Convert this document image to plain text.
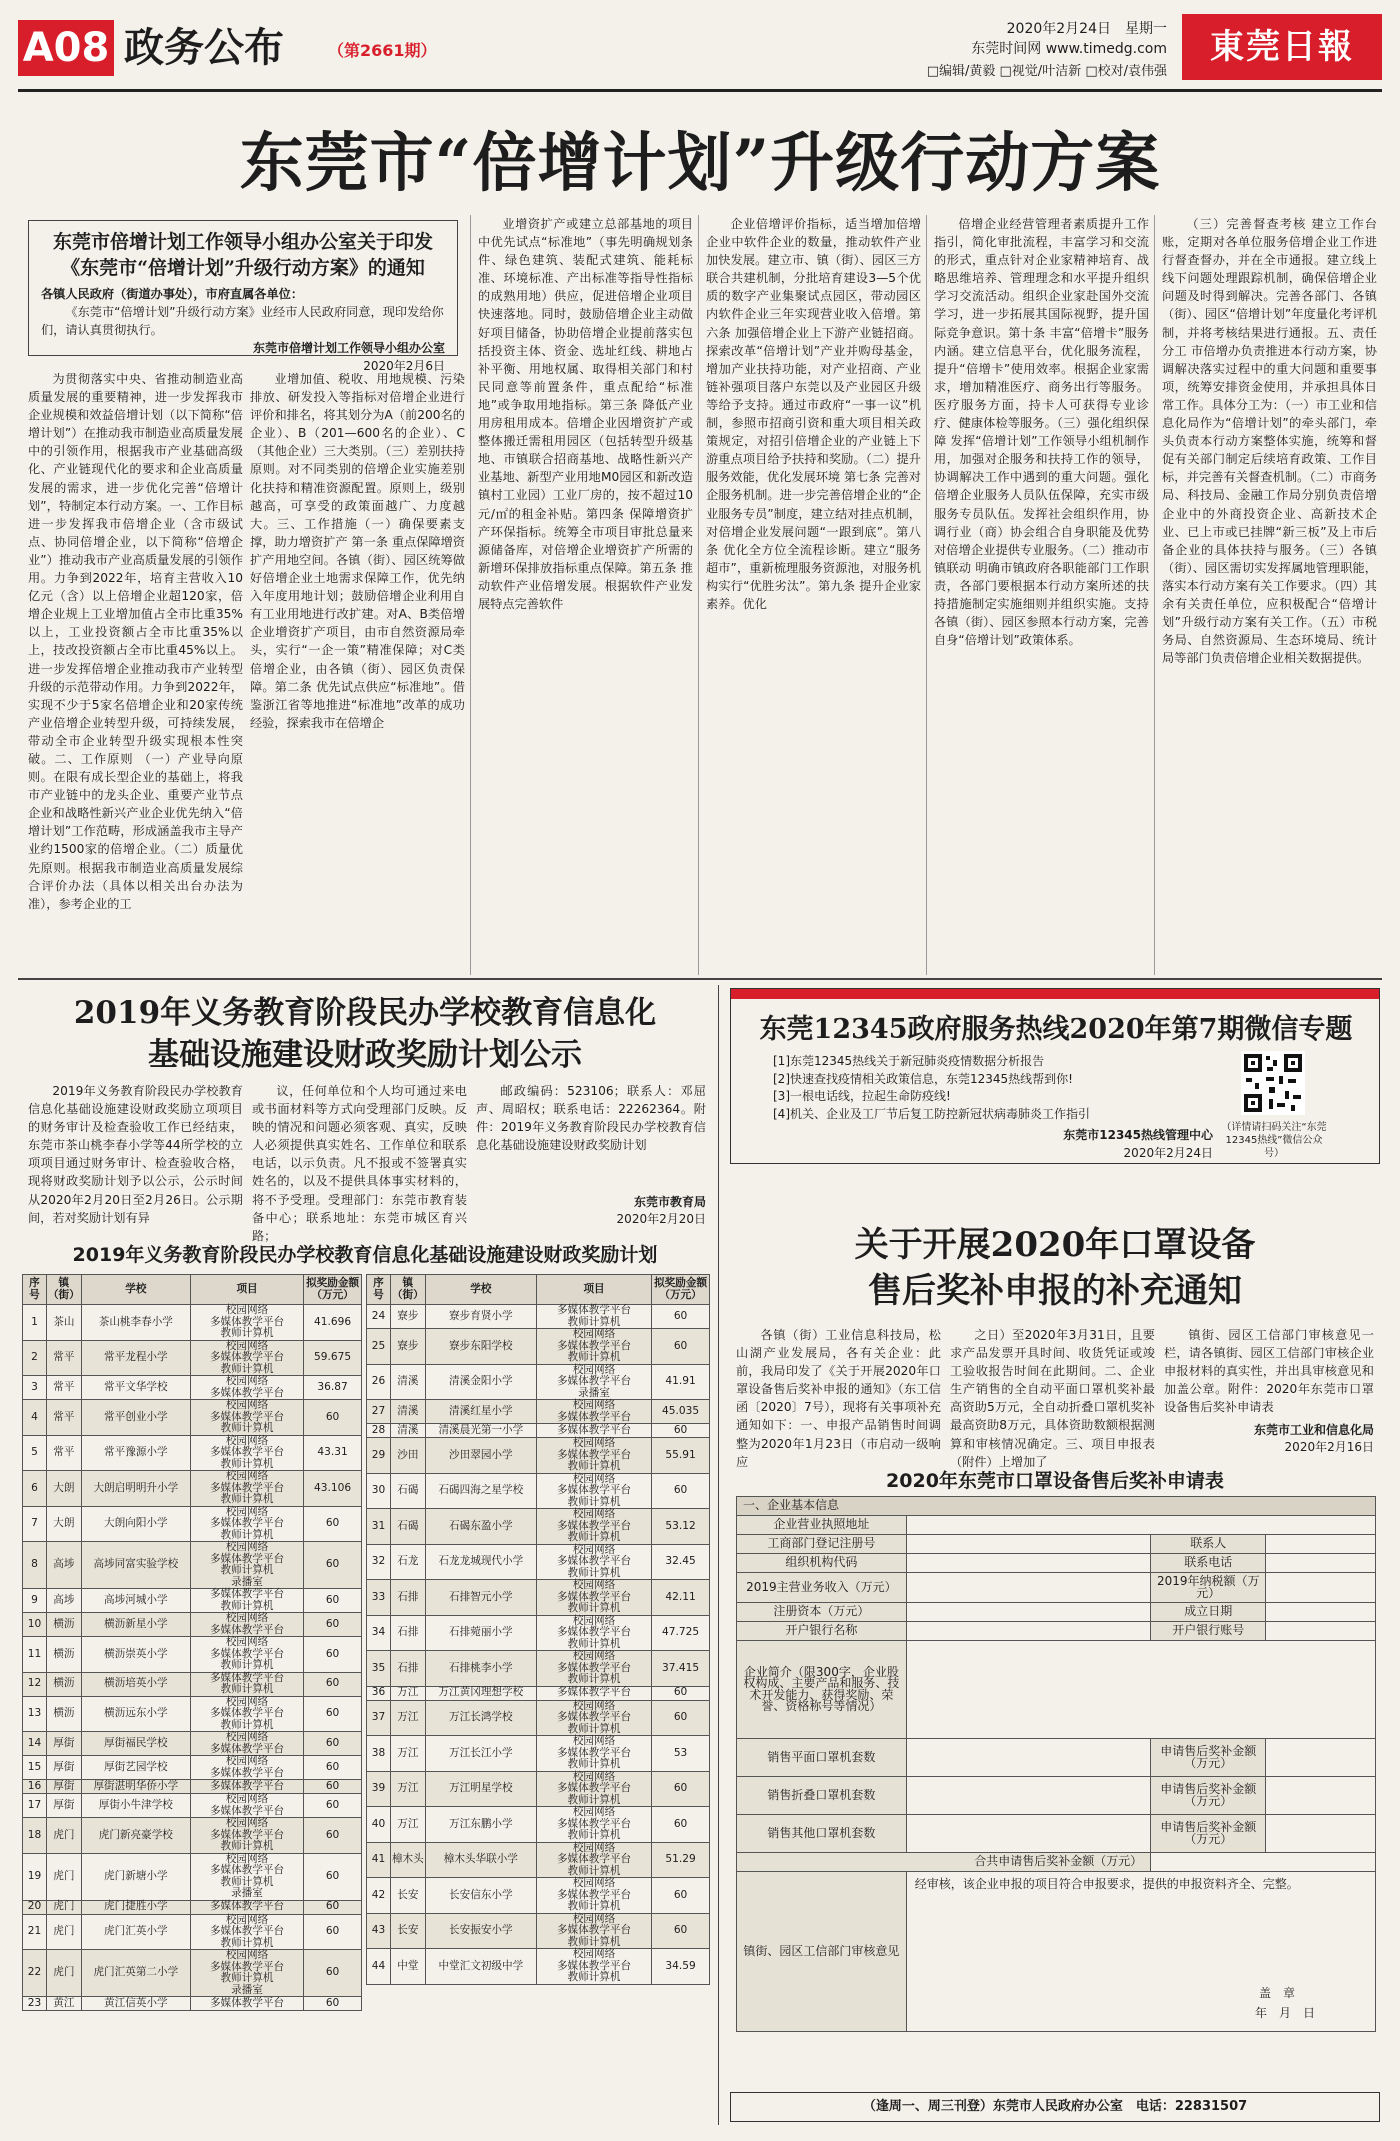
A08 政务公布	（第2661期）
2020年2月24日　星期一
东莞时间网 www.timedg.com
□编辑/黄毅 □视觉/叶洁新 □校对/袁伟强
東莞日報
东莞市“倍增计划”升级行动方案
东莞市倍增计划工作领导小组办公室关于印发《东莞市“倍增计划”升级行动方案》的通知
各镇人民政府（街道办事处），市府直属各单位：
《东莞市“倍增计划”升级行动方案》业经市人民政府同意，现印发给你们，请认真贯彻执行。
东莞市倍增计划工作领导小组办公室
2020年2月6日

为贯彻落实中央、省推动制造业高质量发展的重要精神，进一步发挥我市企业规模和效益倍增计划（以下简称“倍增计划”）在推动我市制造业高质量发展中的引领作用，根据我市产业基础高级化、产业链现代化的要求和企业高质量发展的需求，进一步优化完善“倍增计划”，特制定本行动方案。一、工作目标 进一步发挥我市倍增企业（含市级试点、协同倍增企业，以下简称“倍增企业”）推动我市产业高质量发展的引领作用。力争到2022年，培育主营收入10亿元（含）以上倍增企业超120家，倍增企业规上工业增加值占全市比重35%以上，工业投资额占全市比重35%以上，技改投资额占全市比重45%以上。进一步发挥倍增企业推动我市产业转型升级的示范带动作用。力争到2022年，实现不少于5家名倍增企业和20家传统产业倍增企业转型升级，可持续发展，带动全市企业转型升级实现根本性突破。二、工作原则 （一）产业导向原则。在限有成长型企业的基础上，将我市产业链中的龙头企业、重要产业节点企业和战略性新兴产业企业优先纳入“倍增计划”工作范畴，形成涵盖我市主导产业约1500家的倍增企业。（二）质量优先原则。根据我市制造业高质量发展综合评价办法（具体以相关出台办法为准），参考企业的工

业增加值、税收、用地规模、污染排放、研发投入等指标对倍增企业进行评价和排名，将其划分为A（前200名的企业）、B（201—600名的企业）、C（其他企业）三大类别。（三）差别扶持原则。对不同类别的倍增企业实施差别化扶持和精准资源配置。原则上，级别越高，可享受的政策面越广、力度越大。三、工作措施（一）确保要素支撑，助力增资扩产 第一条 重点保障增资扩产用地空间。各镇（街）、园区统筹做好倍增企业土地需求保障工作，优先纳入年度用地计划；鼓励倍增企业利用自有工业用地进行改扩建。对A、B类倍增企业增资扩产项目，由市自然资源局牵头，实行“一企一策”精准保障；对C类倍增企业，由各镇（街）、园区负责保障。第二条 优先试点供应“标准地”。借鉴浙江省等地推进“标准地”改革的成功经验，探索我市在倍增企

业增资扩产或建立总部基地的项目中优先试点“标准地”（事先明确规划条件、绿色建筑、装配式建筑、能耗标准、环境标准、产出标准等指导性指标的成熟用地）供应，促进倍增企业项目快速落地。同时，鼓励倍增企业主动做好项目储备，协助倍增企业提前落实包括投资主体、资金、选址红线、耕地占补平衡、用地权属、取得相关部门和村民同意等前置条件，重点配给“标准地”或争取用地指标。第三条 降低产业用房租用成本。倍增企业因增资扩产或整体搬迁需租用园区（包括转型升级基地、市镇联合招商基地、战略性新兴产业基地、新型产业用地M0园区和新改造镇村工业园）工业厂房的，按不超过10元/㎡的租金补贴。第四条 保障增资扩产环保指标。统筹全市项目审批总量来源储备库，对倍增企业增资扩产所需的新增环保排放指标重点保障。第五条 推动软件产业倍增发展。根据软件产业发展特点完善软件

企业倍增评价指标，适当增加倍增企业中软件企业的数量，推动软件产业加快发展。建立市、镇（街）、园区三方联合共建机制，分批培育建设3—5个优质的数字产业集聚试点园区，带动园区内软件企业三年实现营业收入倍增。第六条 加强倍增企业上下游产业链招商。探索改革“倍增计划”产业并购母基金，增加产业扶持功能，对产业招商、产业链补强项目落户东莞以及产业园区升级等给予支持。通过市政府“一事一议”机制，参照市招商引资和重大项目相关政策规定，对招引倍增企业的产业链上下游重点项目给予扶持和奖励。（二）提升服务效能，优化发展环境 第七条 完善对企服务机制。进一步完善倍增企业的“企业服务专员”制度，建立结对挂点机制，对倍增企业发展问题“一跟到底”。第八条 优化全方位全流程诊断。建立“服务超市”，重新梳理服务资源池，对服务机构实行“优胜劣汰”。第九条 提升企业家素养。优化

倍增企业经营管理者素质提升工作指引，简化审批流程，丰富学习和交流的形式，重点针对企业家精神培育、战略思维培养、管理理念和水平提升组织学习交流活动。组织企业家赴国外交流学习，进一步拓展其国际视野，提升国际竞争意识。第十条 丰富“倍增卡”服务内涵。建立信息平台，优化服务流程，提升“倍增卡”使用效率。根据企业家需求，增加精准医疗、商务出行等服务。医疗服务方面，持卡人可获得专业诊疗、健康体检等服务。（三）强化组织保障 发挥“倍增计划”工作领导小组机制作用，加强对企服务和扶持工作的领导，协调解决工作中遇到的重大问题。强化倍增企业服务人员队伍保障，充实市级服务专员队伍。发挥社会组织作用，协调行业（商）协会组合自身职能及优势对倍增企业提供专业服务。（二）推动市镇联动 明确市镇政府各职能部门工作职责，各部门要根据本行动方案所述的扶持措施制定实施细则并组织实施。支持各镇（街）、园区参照本行动方案，完善自身“倍增计划”政策体系。

（三）完善督查考核 建立工作台账，定期对各单位服务倍增企业工作进行督查督办，并在全市通报。建立线上线下问题处理跟踪机制，确保倍增企业问题及时得到解决。完善各部门、各镇（街）、园区“倍增计划”年度量化考评机制，并将考核结果进行通报。五、责任分工 市倍增办负责推进本行动方案，协调解决落实过程中的重大问题和重要事项，统筹安排资金使用，并承担具体日常工作。具体分工为：（一）市工业和信息化局作为“倍增计划”的牵头部门，牵头负责本行动方案整体实施，统筹和督促有关部门制定后续培育政策、工作目标，并完善有关督查机制。（二）市商务局、科技局、金融工作局分别负责倍增企业中的外商投资企业、高新技术企业、已上市或已挂牌“新三板”及上市后备企业的具体扶持与服务。（三）各镇（街）、园区需切实发挥属地管理职能，落实本行动方案有关工作要求。（四）其余有关责任单位，应积极配合“倍增计划”升级行动方案有关工作。（五）市税务局、自然资源局、生态环境局、统计局等部门负责倍增企业相关数据提供。

2019年义务教育阶段民办学校教育信息化
基础设施建设财政奖励计划公示

2019年义务教育阶段民办学校教育信息化基础设施建设财政奖励立项项目的财务审计及检查验收工作已经结束，东莞市茶山桃李春小学等44所学校的立项项目通过财务审计、检查验收合格，现将财政奖励计划予以公示，公示时间从2020年2月20日至2月26日。公示期间，若对奖励计划有异

议，任何单位和个人均可通过来电或书面材料等方式向受理部门反映。反映的情况和问题必须客观、真实，反映人必须提供真实姓名、工作单位和联系电话，以示负责。凡不报或不签署真实姓名的，以及不提供具体事实材料的，将不予受理。受理部门：东莞市教育装备中心；联系地址：东莞市城区育兴路；

邮政编码：523106；联系人：邓屈声、周昭权；联系电话：22262364。附件：2019年义务教育阶段民办学校教育信息化基础设施建设财政奖励计划

东莞市教育局
2020年2月20日
2019年义务教育阶段民办学校教育信息化基础设施建设财政奖励计划
序号	镇（街）	学校	项目	拟奖励金额（万元）
1	茶山	茶山桃李春小学	校园网络
多媒体教学平台
教师计算机	41.696
2	常平	常平龙程小学	校园网络
多媒体教学平台
教师计算机	59.675
3	常平	常平文华学校	校园网络
多媒体教学平台	36.87
4	常平	常平创业小学	校园网络
多媒体教学平台
教师计算机	60
5	常平	常平豫源小学	校园网络
多媒体教学平台
教师计算机	43.31
6	大朗	大朗启明明升小学	校园网络
多媒体教学平台
教师计算机	43.106
7	大朗	大朗向阳小学	校园网络
多媒体教学平台
教师计算机	60
8	高埗	高埗同富实验学校	校园网络
多媒体教学平台
教师计算机
录播室	60
9	高埗	高埗河城小学	多媒体教学平台
教师计算机	60
10	横沥	横沥新星小学	校园网络
多媒体教学平台	60
11	横沥	横沥崇英小学	校园网络
多媒体教学平台
教师计算机	60
12	横沥	横沥培英小学	多媒体教学平台
教师计算机	60
13	横沥	横沥远东小学	校园网络
多媒体教学平台
教师计算机	60
14	厚街	厚街福民学校	校园网络
多媒体教学平台	60
15	厚街	厚街艺园学校	校园网络
多媒体教学平台	60
16	厚街	厚街湛明华侨小学	多媒体教学平台	60
17	厚街	厚街小牛津学校	校园网络
多媒体教学平台	60
18	虎门	虎门新亮豪学校	校园网络
多媒体教学平台
教师计算机	60
19	虎门	虎门新塘小学	校园网络
多媒体教学平台
教师计算机
录播室	60
20	虎门	虎门捷胜小学	多媒体教学平台	60
21	虎门	虎门汇英小学	校园网络
多媒体教学平台
教师计算机	60
22	虎门	虎门汇英第二小学	校园网络
多媒体教学平台
教师计算机
录播室	60
23	黄江	黄江信英小学	多媒体教学平台	60
序号	镇（街）	学校	项目	拟奖励金额（万元）
24	寮步	寮步育贤小学	多媒体教学平台
教师计算机	60
25	寮步	寮步东阳学校	校园网络
多媒体教学平台
教师计算机	60
26	清溪	清溪金阳小学	校园网络
多媒体教学平台
录播室	41.91
27	清溪	清溪红星小学	校园网络
多媒体教学平台	45.035
28	清溪	清溪晨光第一小学	多媒体教学平台	60
29	沙田	沙田翠园小学	校园网络
多媒体教学平台
教师计算机	55.91
30	石碣	石碣四海之星学校	校园网络
多媒体教学平台
教师计算机	60
31	石碣	石碣东盈小学	校园网络
多媒体教学平台
教师计算机	53.12
32	石龙	石龙龙城现代小学	校园网络
多媒体教学平台
教师计算机	32.45
33	石排	石排智元小学	校园网络
多媒体教学平台
教师计算机	42.11
34	石排	石排菀丽小学	校园网络
多媒体教学平台
教师计算机	47.725
35	石排	石排桃李小学	校园网络
多媒体教学平台
教师计算机	37.415
36	万江	万江黄冈理想学校	多媒体教学平台	60
37	万江	万江长鸿学校	校园网络
多媒体教学平台
教师计算机	60
38	万江	万江长江小学	校园网络
多媒体教学平台
教师计算机	53
39	万江	万江明星学校	校园网络
多媒体教学平台
教师计算机	60
40	万江	万江东鹏小学	校园网络
多媒体教学平台
教师计算机	60
41	樟木头	樟木头华联小学	校园网络
多媒体教学平台
教师计算机	51.29
42	长安	长安信东小学	校园网络
多媒体教学平台
教师计算机	60
43	长安	长安振安小学	校园网络
多媒体教学平台
教师计算机	60
44	中堂	中堂汇文初级中学	校园网络
多媒体教学平台
教师计算机	34.59
东莞12345政府服务热线2020年第7期微信专题
[1]东莞12345热线关于新冠肺炎疫情数据分析报告
[2]快速查找疫情相关政策信息，东莞12345热线帮到你!
[3]一根电话线，拉起生命防疫线!
[4]机关、企业及工厂节后复工防控新冠状病毒肺炎工作指引
东莞市12345热线管理中心
2020年2月24日
（详情请扫码关注“东莞12345热线”微信公众号）
关于开展2020年口罩设备
售后奖补申报的补充通知

各镇（街）工业信息科技局，松山湖产业发展局，各有关企业：此前，我局印发了《关于开展2020年口罩设备售后奖补申报的通知》（东工信函〔2020〕7号），现将有关事项补充通知如下：一、申报产品销售时间调整为2020年1月23日（市启动一级响应

之日）至2020年3月31日，且要求产品发票开具时间、收货凭证或竣工验收报告时间在此期间。二、企业生产销售的全自动平面口罩机奖补最高资助5万元，全自动折叠口罩机奖补最高资助8万元，具体资助数额根据测算和审核情况确定。三、项目申报表（附件）上增加了

镇街、园区工信部门审核意见一栏，请各镇街、园区工信部门审核企业申报材料的真实性，并出具审核意见和加盖公章。附件：2020年东莞市口罩设备售后奖补申请表

东莞市工业和信息化局
2020年2月16日
2020年东莞市口罩设备售后奖补申请表
一、企业基本信息			
企业营业执照地址			
工商部门登记注册号		联系人	
组织机构代码		联系电话	
2019主营业务收入（万元）		2019年纳税额（万元）	
注册资本（万元）		成立日期	
开户银行名称		开户银行账号	
企业简介（限300字，企业股权构成、主要产品和服务、技术开发能力、获得奖励、荣誉、资格称号等情况）			
销售平面口罩机套数		申请售后奖补金额（万元）	
销售折叠口罩机套数		申请售后奖补金额（万元）	
销售其他口罩机套数		申请售后奖补金额（万元）	
合共申请售后奖补金额（万元）			
镇街、园区工信部门审核意见	经审核，该企业申报的项目符合申报要求，提供的申报资料齐全、完整。
盖　章
年　月　日		
（逢周一、周三刊登）东莞市人民政府办公室　电话：22831507
